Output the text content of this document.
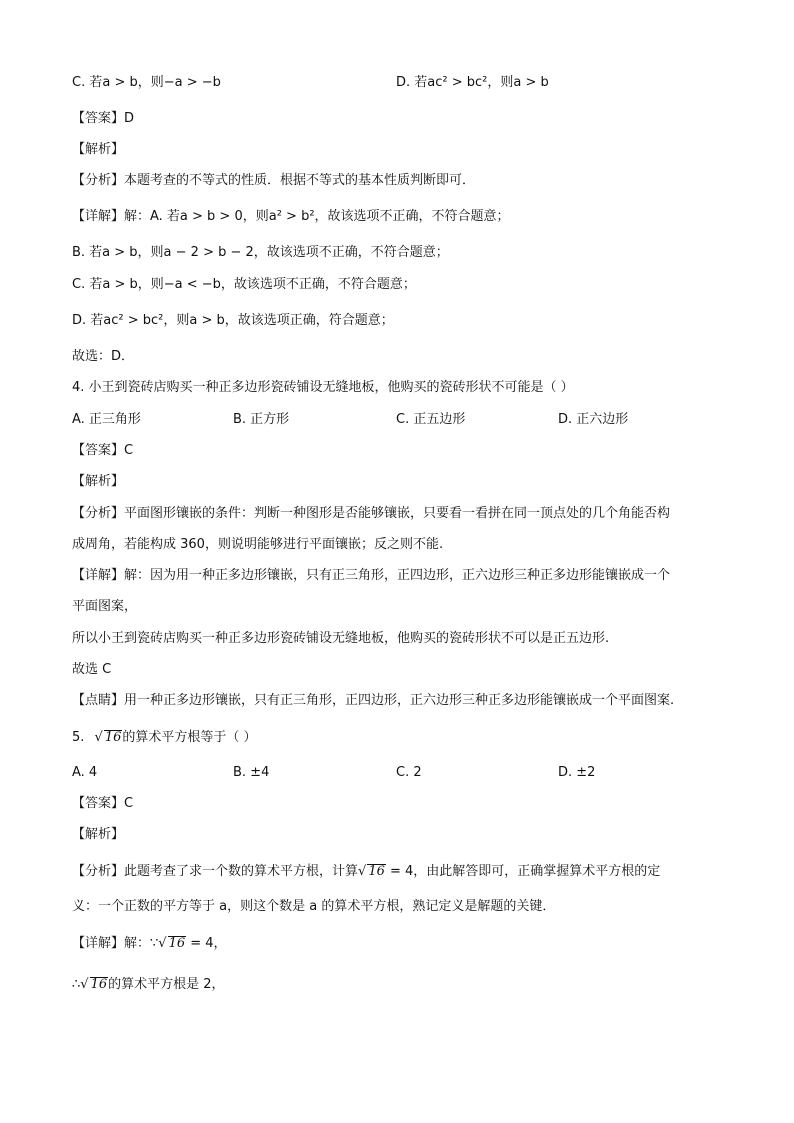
C. 若a > b，则−a > −b	D. 若ac² > bc²，则a > b
【答案】D
【解析】
【分析】本题考查的不等式的性质．根据不等式的基本性质判断即可．
【详解】解：A. 若a > b > 0，则a² > b²，故该选项不正确，不符合题意；
B. 若a > b，则a − 2 > b − 2，故该选项不正确，不符合题意；
C. 若a > b，则−a < −b，故该选项不正确，不符合题意；
D. 若ac² > bc²，则a > b，故该选项正确，符合题意；
故选：D．
4. 小王到瓷砖店购买一种正多边形瓷砖铺设无缝地板，他购买的瓷砖形状不可能是（ ）
A. 正三角形	B. 正方形	C. 正五边形	D. 正六边形
【答案】C
【解析】
【分析】平面图形镶嵌的条件：判断一种图形是否能够镶嵌，只要看一看拼在同一顶点处的几个角能否构
成周角，若能构成 360，则说明能够进行平面镶嵌；反之则不能.
【详解】解：因为用一种正多边形镶嵌，只有正三角形，正四边形，正六边形三种正多边形能镶嵌成一个
平面图案，
所以小王到瓷砖店购买一种正多边形瓷砖铺设无缝地板，他购买的瓷砖形状不可以是正五边形.
故选 C
【点睛】用一种正多边形镶嵌，只有正三角形，正四边形，正六边形三种正多边形能镶嵌成一个平面图案.
5. √ 16的算术平方根等于（ ）
A. 4	B. ±4	C. 2	D. ±2
【答案】C
【解析】
【分析】此题考查了求一个数的算术平方根，计算√ 16 = 4，由此解答即可，正确掌握算术平方根的定
义：一个正数的平方等于 a，则这个数是 a 的算术平方根，熟记定义是解题的关键．
【详解】解：∵√ 16 = 4，
∴√ 16的算术平方根是 2，
